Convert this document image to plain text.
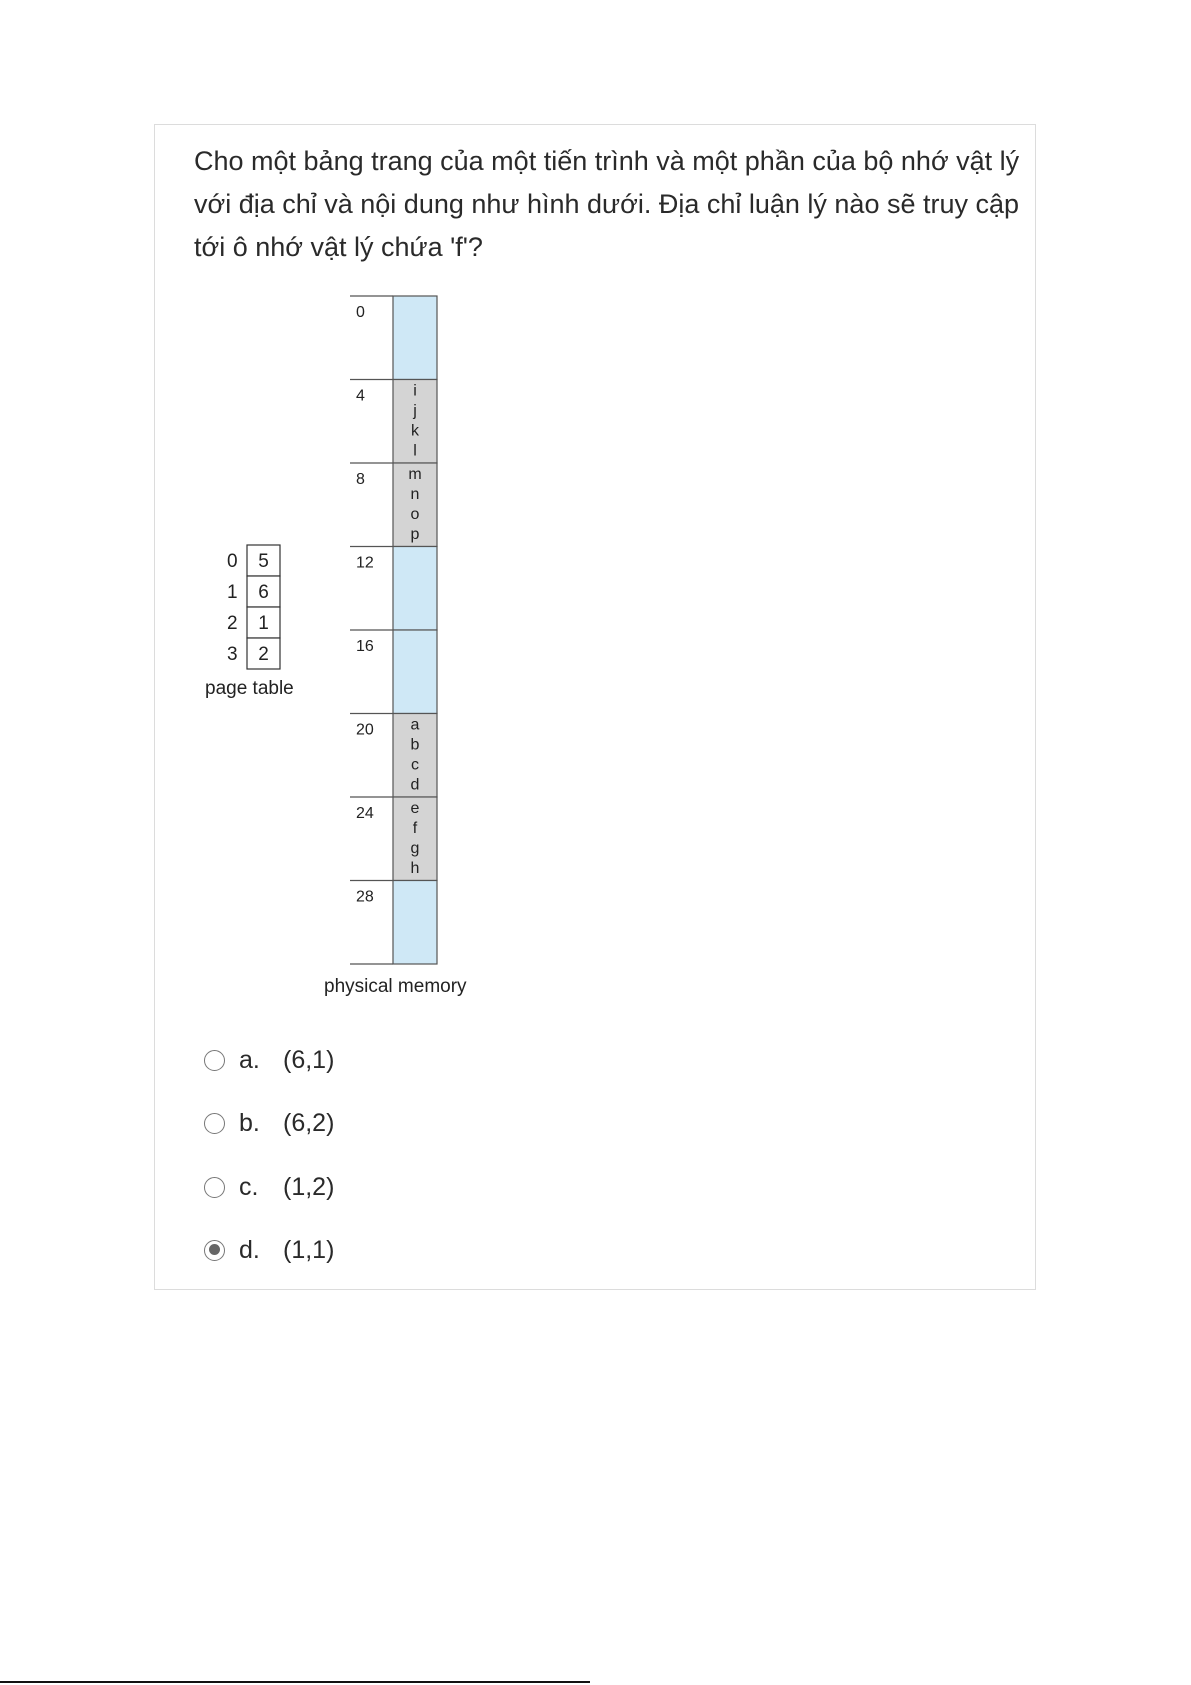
Cho một bảng trang của một tiến trình và một phần của bộ nhớ vật lý với địa chỉ và nội dung như hình dưới. Địa chỉ luận lý nào sẽ truy cập tới ô nhớ vật lý chứa 'f'?
0 5
1 6
2 1
3 2
page table
0
4	i
j
k
l
8	m
n
o
p
12
16
20 a
b
c
d
24 e
f
g
h
28
physical memory
a. (6,1)
b. (6,2)
c. (1,2)
d. (1,1)
